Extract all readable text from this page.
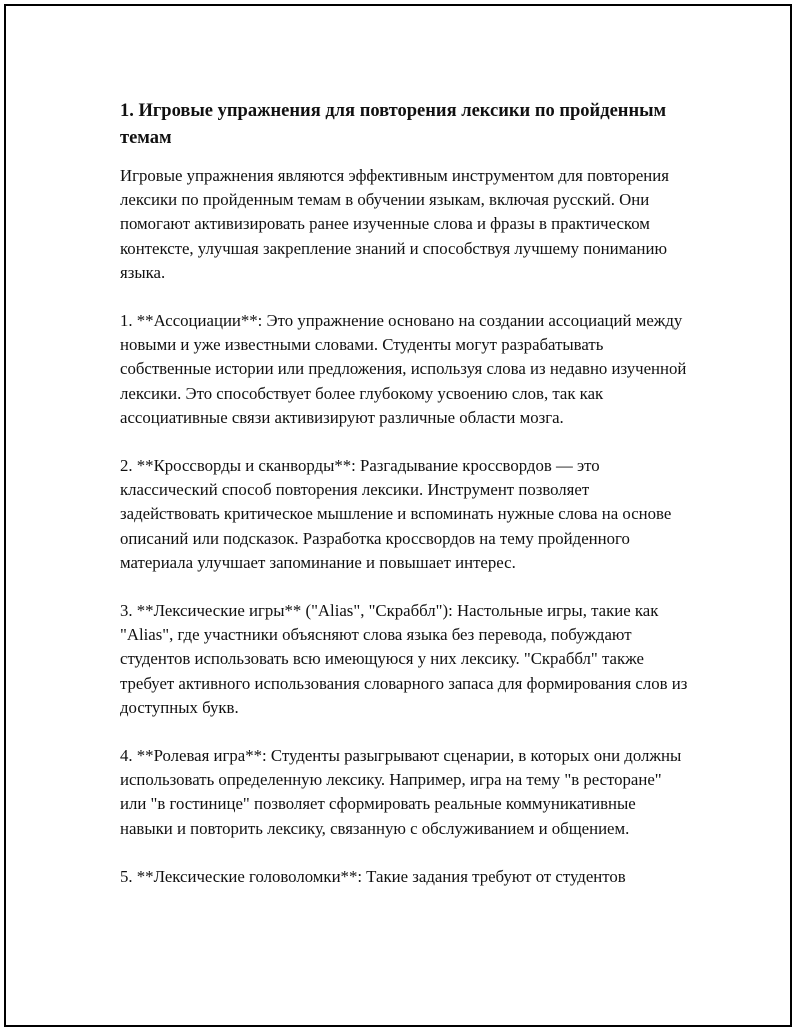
1. Игровые упражнения для повторения лексики по пройденным темам

Игровые упражнения являются эффективным инструментом для повторения лексики по пройденным темам в обучении языкам, включая русский. Они помогают активизировать ранее изученные слова и фразы в практическом контексте, улучшая закрепление знаний и способствуя лучшему пониманию языка.

1. **Ассоциации**: Это упражнение основано на создании ассоциаций между новыми и уже известными словами. Студенты могут разрабатывать собственные истории или предложения, используя слова из недавно изученной лексики. Это способствует более глубокому усвоению слов, так как ассоциативные связи активизируют различные области мозга.

2. **Кроссворды и сканворды**: Разгадывание кроссвордов — это классический способ повторения лексики. Инструмент позволяет задействовать критическое мышление и вспоминать нужные слова на основе описаний или подсказок. Разработка кроссвордов на тему пройденного материала улучшает запоминание и повышает интерес.

3. **Лексические игры** ("Alias", "Скраббл"): Настольные игры, такие как "Alias", где участники объясняют слова языка без перевода, побуждают студентов использовать всю имеющуюся у них лексику. "Скраббл" также требует активного использования словарного запаса для формирования слов из доступных букв.

4. **Ролевая игра**: Студенты разыгрывают сценарии, в которых они должны использовать определенную лексику. Например, игра на тему "в ресторане" или "в гостинице" позволяет сформировать реальные коммуникативные навыки и повторить лексику, связанную с обслуживанием и общением.

5. **Лексические головоломки**: Такие задания требуют от студентов
